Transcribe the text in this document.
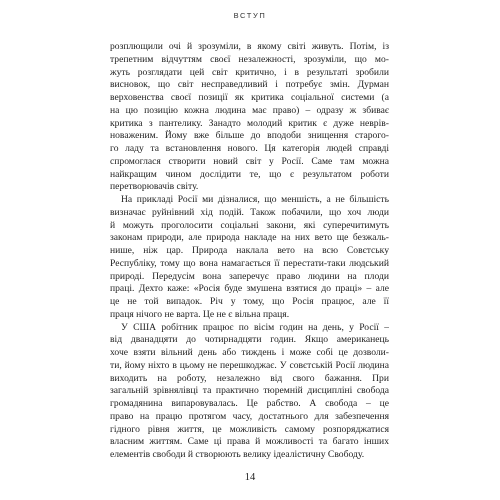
ВСТУП
розплющили очі й зрозуміли, в якому світі живуть. Потім, із
трепетним відчуттям своєї незалежності, зрозуміли, що мо-
жуть розглядати цей світ критично, і в результаті зробили
висновок, що світ несправедливий і потребує змін. Дурман
верховенства своєї позиції як критика соціальної системи (а
на цю позицію кожна людина має право) – одразу ж збиває
критика з пантелику. Занадто молодий критик є дуже неврів-
новаженим. Йому вже більше до вподоби знищення старого-
го ладу та встановлення нового. Ця категорія людей справді
спромоглася створити новий світ у Росії. Саме там можна
найкращим чином дослідити те, що є результатом роботи
перетворювачів світу.
На прикладі Росії ми дізналися, що меншість, а не більшість
визначає руйнівний хід подій. Також побачили, що хоч люди
й можуть проголосити соціальні закони, які суперечитимуть
законам природи, але природа накладе на них вето ще безжаль-
нише, ніж цар. Природа наклала вето на всю Совєтську
Республіку, тому що вона намагається її перестати-таки людський
природі. Передусім вона заперечує право людини на плоди
праці. Дехто каже: «Росія буде змушена взятися до праці» – але
це не той випадок. Річ у тому, що Росія працює, але її
праця нічого не варта. Це не є вільна праця.
У США робітник працює по вісім годин на день, у Росії –
від дванадцяти до чотирнадцяти годин. Якщо американець
хоче взяти вільний день або тиждень і може собі це дозволи-
ти, йому ніхто в цьому не перешкоджає. У совєтській Росії людина
виходить на роботу, незалежно від свого бажання. При
загальній зрівнялівці та практично тюремній дисципліні свобода
громадянина випаровувалась. Це рабство. А свобода – це
право на працю протягом часу, достатнього для забезпечення
гідного рівня життя, це можливість самому розпоряджатися
власним життям. Саме ці права й можливості та багато інших
елементів свободи й створюють велику ідеалістичну Свободу.
14
